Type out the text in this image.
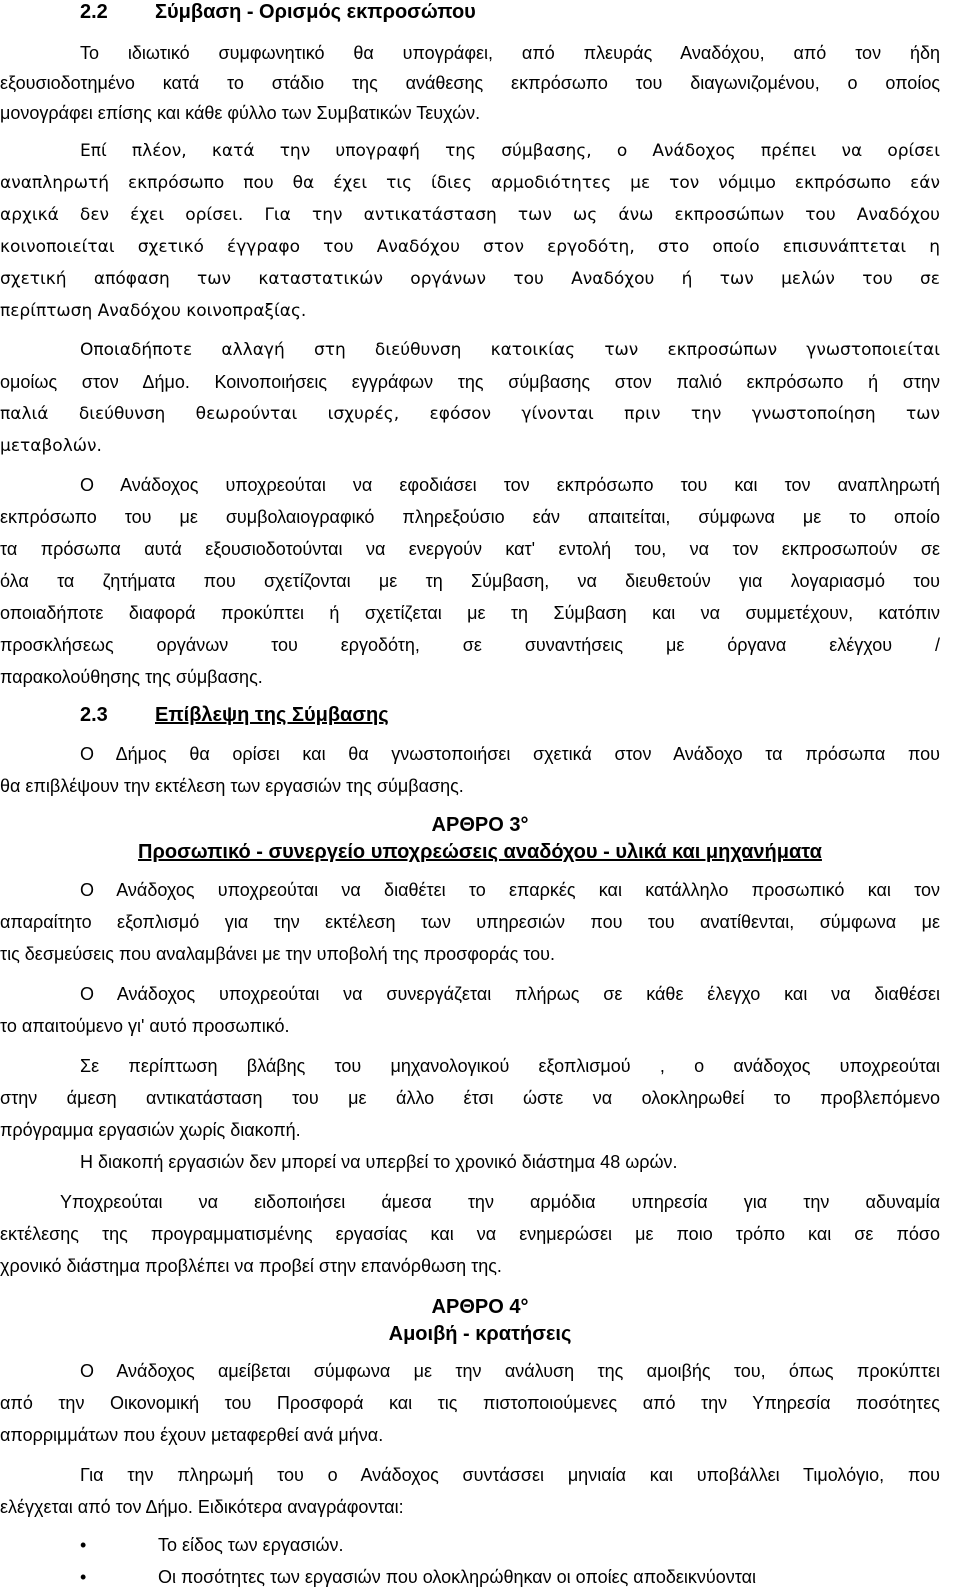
2.2 Σύμβαση - Ορισμός εκπροσώπου
Το ιδιωτικό συμφωνητικό θα υπογράφει, από πλευράς Αναδόχου, από τον ήδη
εξουσιοδοτημένο κατά το στάδιο της ανάθεσης εκπρόσωπο του διαγωνιζομένου, ο οποίος
μονογράφει επίσης και κάθε φύλλο των Συμβατικών Τευχών.
Επί πλέον, κατά την υπογραφή της σύμβασης, ο Ανάδοχος πρέπει να ορίσει
αναπληρωτή εκπρόσωπο που θα έχει τις ίδιες αρμοδιότητες με τον νόμιμο εκπρόσωπο εάν
αρχικά δεν έχει ορίσει. Για την αντικατάσταση των ως άνω εκπροσώπων του Αναδόχου
κοινοποιείται σχετικό έγγραφο του Αναδόχου στον εργοδότη, στο οποίο επισυνάπτεται η
σχετική απόφαση των καταστατικών οργάνων του Αναδόχου ή των μελών του σε
περίπτωση Αναδόχου κοινοπραξίας.
Οποιαδήποτε αλλαγή στη διεύθυνση κατοικίας των εκπροσώπων γνωστοποιείται
ομοίως στον Δήμο. Κοινοποιήσεις εγγράφων της σύμβασης στον παλιό εκπρόσωπο ή στην
παλιά διεύθυνση θεωρούνται ισχυρές, εφόσον γίνονται πριν την γνωστοποίηση των
μεταβολών.
Ο Ανάδοχος υποχρεούται να εφοδιάσει τον εκπρόσωπο του και τον αναπληρωτή
εκπρόσωπο του με συμβολαιογραφικό πληρεξούσιο εάν απαιτείται, σύμφωνα με το οποίο
τα πρόσωπα αυτά εξουσιοδοτούνται να ενεργούν κατ' εντολή του, να τον εκπροσωπούν σε
όλα τα ζητήματα που σχετίζονται με τη Σύμβαση, να διευθετούν για λογαριασμό του
οποιαδήποτε διαφορά προκύπτει ή σχετίζεται με τη Σύμβαση και να συμμετέχουν, κατόπιν
προσκλήσεως οργάνων του εργοδότη, σε συναντήσεις με όργανα ελέγχου /
παρακολούθησης της σύμβασης.
2.3 Επίβλεψη της Σύμβασης
Ο Δήμος θα ορίσει και θα γνωστοποιήσει σχετικά στον Ανάδοχο τα πρόσωπα που
θα επιβλέψουν την εκτέλεση των εργασιών της σύμβασης.
ΑΡΘΡΟ 3°
Προσωπικό - συνεργείο υποχρεώσεις αναδόχου - υλικά και μηχανήματα
Ο Ανάδοχος υποχρεούται να διαθέτει το επαρκές και κατάλληλο προσωπικό και τον
απαραίτητο εξοπλισμό για την εκτέλεση των υπηρεσιών που του ανατίθενται, σύμφωνα με
τις δεσμεύσεις που αναλαμβάνει με την υποβολή της προσφοράς του.
Ο Ανάδοχος υποχρεούται να συνεργάζεται πλήρως σε κάθε έλεγχο και να διαθέσει
το απαιτούμενο γι' αυτό προσωπικό.
Σε περίπτωση βλάβης του μηχανολογικού εξοπλισμού , ο ανάδοχος υποχρεούται
στην άμεση αντικατάσταση του με άλλο έτσι ώστε να ολοκληρωθεί το προβλεπόμενο
πρόγραμμα εργασιών χωρίς διακοπή.
Η διακοπή εργασιών δεν μπορεί να υπερβεί το χρονικό διάστημα 48 ωρών.
Υποχρεούται να ειδοποιήσει άμεσα την αρμόδια υπηρεσία για την αδυναμία
εκτέλεσης της προγραμματισμένης εργασίας και να ενημερώσει με ποιο τρόπο και σε πόσο
χρονικό διάστημα προβλέπει να προβεί στην επανόρθωση της.
ΑΡΘΡΟ 4°
Αμοιβή - κρατήσεις
Ο Ανάδοχος αμείβεται σύμφωνα με την ανάλυση της αμοιβής του, όπως προκύπτει
από την Οικονομική του Προσφορά και τις πιστοποιούμενες από την Υπηρεσία ποσότητες
απορριμμάτων που έχουν μεταφερθεί ανά μήνα.
Για την πληρωμή του ο Ανάδοχος συντάσσει μηνιαία και υποβάλλει Τιμολόγιο, που
ελέγχεται από τον Δήμο. Ειδικότερα αναγράφονται:
•	Το είδος των εργασιών.
•	Οι ποσότητες των εργασιών που ολοκληρώθηκαν οι οποίες αποδεικνύονται
